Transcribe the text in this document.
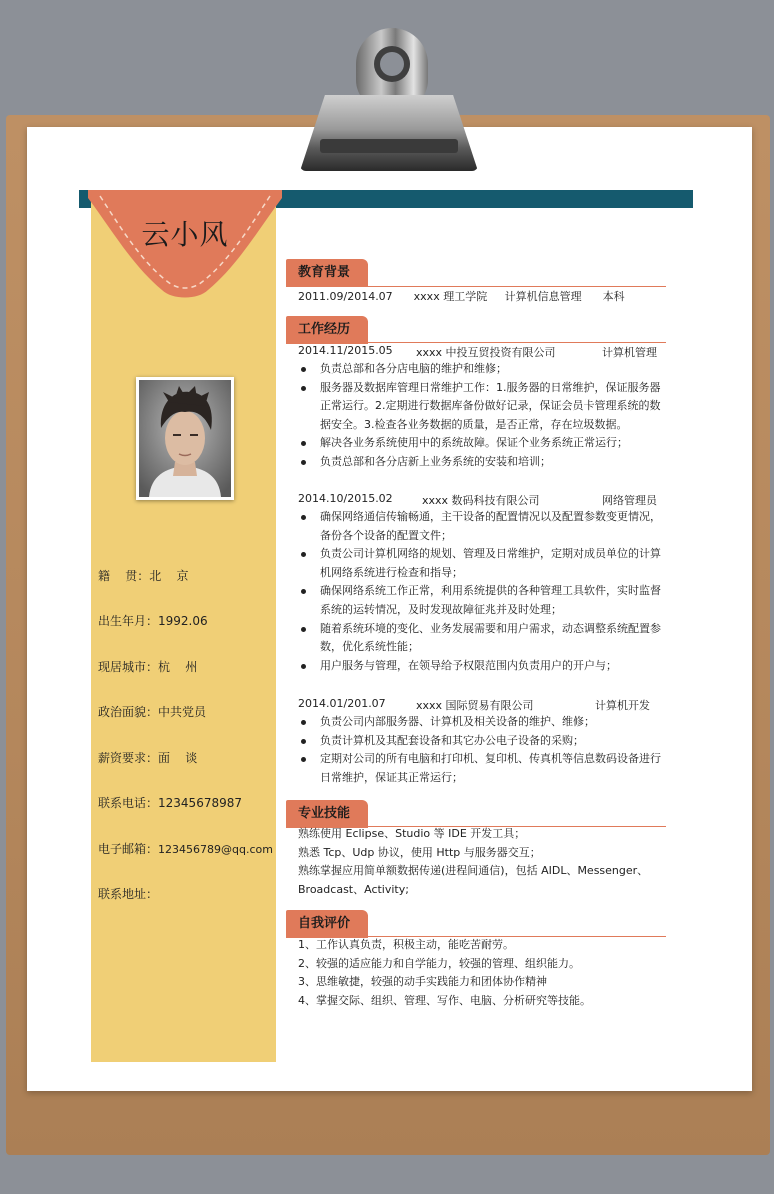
云小风
籍    贯：北    京
出生年月：1992.06
现居城市：杭    州
政治面貌：中共党员
薪资要求：面    谈
联系电话：12345678987
电子邮箱：123456789@qq.com
联系地址：
教育背景
2011.09/2014.07      xxxx 理工学院     计算机信息管理      本科
工作经历
2014.11/2015.05 xxxx 中投互贸投资有限公司	计算机管理
负责总部和各分店电脑的维护和维修；
服务器及数据库管理日常维护工作：1.服务器的日常维护，保证服务器正常运行。2.定期进行数据库备份做好记录，保证会员卡管理系统的数据安全。3.检查各业务数据的质量，是否正常，存在垃圾数据。
解决各业务系统使用中的系统故障。保证个业务系统正常运行；
负责总部和各分店新上业务系统的安装和培训；
2014.10/2015.02	xxxx 数码科技有限公司	网络管理员
确保网络通信传输畅通，主干设备的配置情况以及配置参数变更情况，备份各个设备的配置文件；
负责公司计算机网络的规划、管理及日常维护，定期对成员单位的计算机网络系统进行检查和指导；
确保网络系统工作正常，利用系统提供的各种管理工具软件，实时监督系统的运转情况，及时发现故障征兆并及时处理；
随着系统环境的变化、业务发展需要和用户需求，动态调整系统配置参数，优化系统性能；
用户服务与管理，在领导给予权限范围内负责用户的开户与；
2014.01/201.07	xxxx 国际贸易有限公司	计算机开发
负责公司内部服务器、计算机及相关设备的维护、维修；
负责计算机及其配套设备和其它办公电子设备的采购；
定期对公司的所有电脑和打印机、复印机、传真机等信息数码设备进行日常维护，保证其正常运行；
专业技能
熟练使用 Eclipse、Studio 等 IDE 开发工具；
熟悉 Tcp、Udp 协议，使用 Http 与服务器交互；
熟练掌握应用简单额数据传递(进程间通信)，包括 AIDL、Messenger、
Broadcast、Activity;
自我评价
1、工作认真负责，积极主动，能吃苦耐劳。
2、较强的适应能力和自学能力，较强的管理、组织能力。
3、思维敏捷，较强的动手实践能力和团体协作精神
4、掌握交际、组织、管理、写作、电脑、分析研究等技能。
